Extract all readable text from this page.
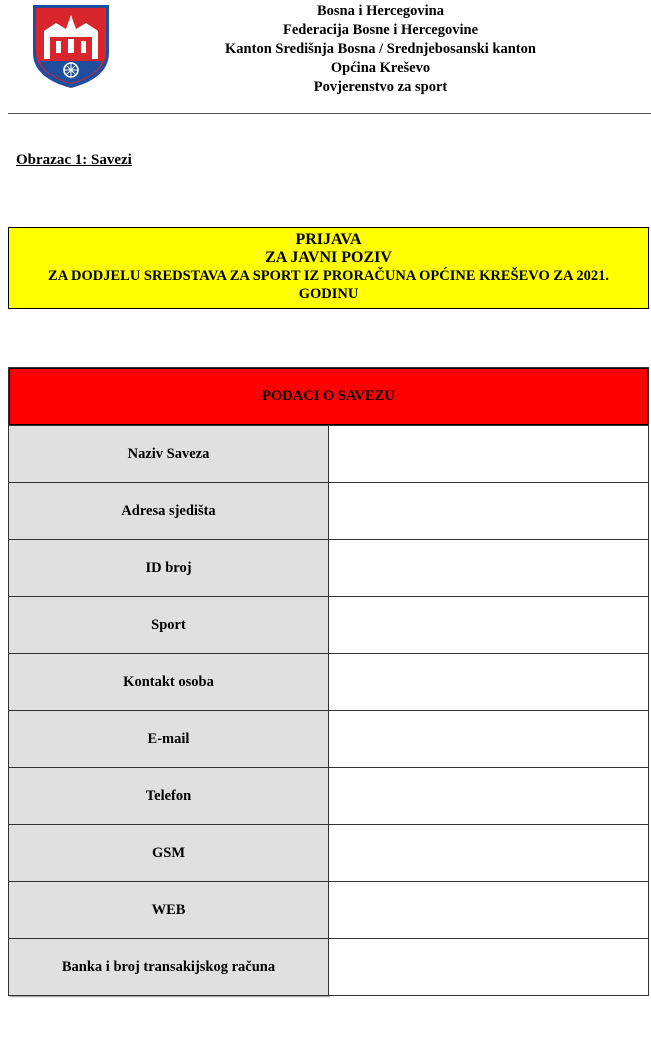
Bosna i Hercegovina
Federacija Bosne i Hercegovine
Kanton Središnja Bosna / Srednjebosanski kanton
Općina Kreševo
Povjerenstvo za sport
Obrazac 1: Savezi
PRIJAVA
ZA JAVNI POZIV
ZA DODJELU SREDSTAVA ZA SPORT IZ PRORAČUNA OPĆINE KREŠEVO ZA 2021. GODINU
PODACI O SAVEZU	
Naziv Saveza	
Adresa sjedišta	
ID broj	
Sport	
Kontakt osoba	
E-mail	
Telefon	
GSM	
WEB	
Banka i broj transakijskog računa	
